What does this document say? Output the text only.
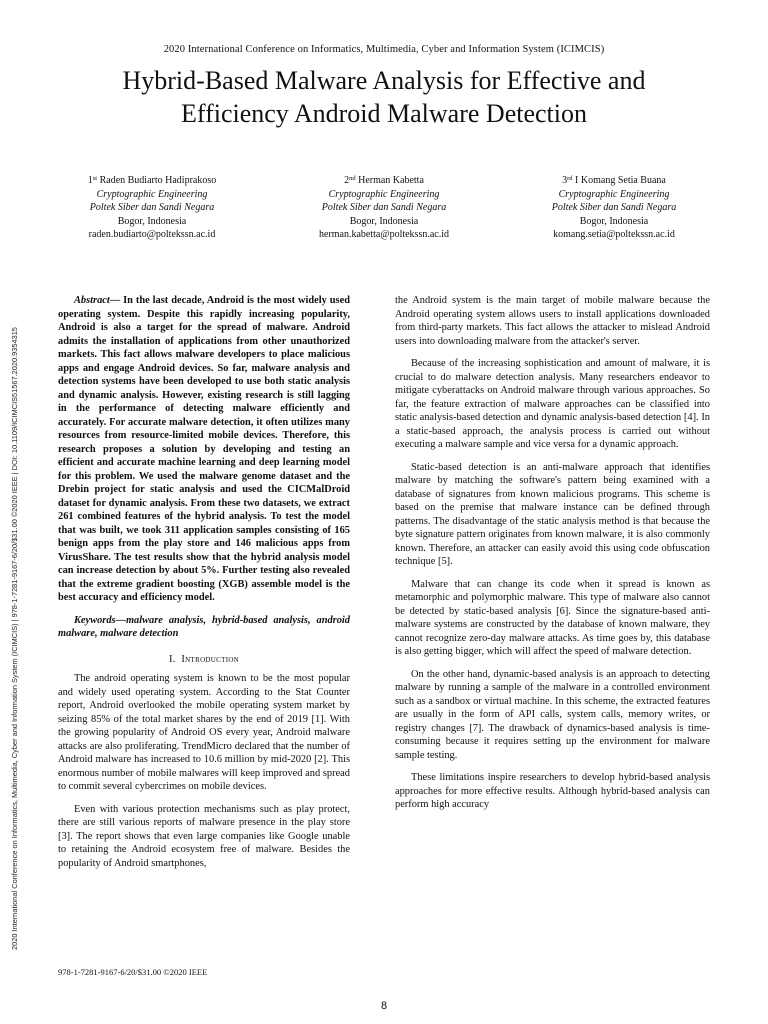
2020 International Conference on Informatics, Multimedia, Cyber and Information System (ICIMCIS)
Hybrid-Based Malware Analysis for Effective and
Efficiency Android Malware Detection
1st Raden Budiarto Hadiprakoso
Cryptographic Engineering
Poltek Siber dan Sandi Negara
Bogor, Indonesia
raden.budiarto@poltekssn.ac.id
2nd Herman Kabetta
Cryptographic Engineering
Poltek Siber dan Sandi Negara
Bogor, Indonesia
herman.kabetta@poltekssn.ac.id
3rd I Komang Setia Buana
Cryptographic Engineering
Poltek Siber dan Sandi Negara
Bogor, Indonesia
komang.setia@poltekssn.ac.id
2020 International Conference on Informatics, Multimedia, Cyber and Information System (ICIMCIS) | 978-1-7281-9167-6/20/$31.00 ©2020 IEEE | DOI: 10.1109/ICIMCIS51567.2020.9354315

Abstract— In the last decade, Android is the most widely used operating system. Despite this rapidly increasing popularity, Android is also a target for the spread of malware. Android admits the installation of applications from other unauthorized markets. This fact allows malware developers to place malicious apps and engage Android devices. So far, malware analysis and detection systems have been developed to use both static analysis and dynamic analysis. However, existing research is still lagging in the performance of detecting malware efficiently and accurately. For accurate malware detection, it often utilizes many resources from resource-limited mobile devices. Therefore, this research proposes a solution by developing and testing an efficient and accurate machine learning and deep learning model for this problem. We used the malware genome dataset and the Drebin project for static analysis and used the CICMalDroid dataset for dynamic analysis. From these two datasets, we extract 261 combined features of the hybrid analysis. To test the model that was built, we took 311 application samples consisting of 165 benign apps from the play store and 146 malicious apps from VirusShare. The test results show that the hybrid analysis model can increase detection by about 5%. Further testing also revealed that the extreme gradient boosting (XGB) assemble model is the best accuracy and efficiency model.

Keywords—malware analysis, hybrid-based analysis, android malware, malware detection

I. Introduction

The android operating system is known to be the most popular and widely used operating system. According to the Stat Counter report, Android overlooked the mobile operating system market by seizing 85% of the total market shares by the end of 2019 [1]. With the growing popularity of Android OS every year, Android malware attacks are also proliferating. TrendMicro declared that the number of Android malware has increased to 10.6 million by mid-2020 [2]. This enormous number of mobile malwares will keep improved and spread to commit several cybercrimes on mobile devices.

Even with various protection mechanisms such as play protect, there are still various reports of malware presence in the play store [3]. The report shows that even large companies like Google unable to retaining the Android ecosystem free of malware. Besides the popularity of Android smartphones,

the Android system is the main target of mobile malware because the Android operating system allows users to install applications downloaded from third-party markets. This fact allows the attacker to mislead Android users into downloading malware from the attacker's server.

Because of the increasing sophistication and amount of malware, it is crucial to do malware detection analysis. Many researchers endeavor to mitigate cyberattacks on Android malware through various approaches. So far, the feature extraction of malware approaches can be classified into static analysis-based detection and dynamic analysis-based detection [4]. In a static-based approach, the analysis process is carried out without executing a malware sample and vice versa for a dynamic approach.

Static-based detection is an anti-malware approach that identifies malware by matching the software's pattern being examined with a database of signatures from known malicious programs. This scheme is based on the premise that malware instance can be defined through patterns. The disadvantage of the static analysis method is that because the byte signature pattern originates from known malware, it is also commonly known. Therefore, an attacker can easily avoid this using code obfuscation technique [5].

Malware that can change its code when it spread is known as metamorphic and polymorphic malware. This type of malware also cannot be detected by static-based analysis [6]. Since the signature-based anti-malware systems are constructed by the database of known malware, they cannot recognize zero-day malware attacks. As time goes by, this database is also getting bigger, which will affect the speed of malware detection.

On the other hand, dynamic-based analysis is an approach to detecting malware by running a sample of the malware in a controlled environment such as a sandbox or virtual machine. In this scheme, the extracted features are usually in the form of API calls, system calls, memory writes, or registry changes [7]. The drawback of dynamics-based analysis is time-consuming because it requires setting up the environment for malware sample testing.

These limitations inspire researchers to develop hybrid-based analysis approaches for more effective results. Although hybrid-based analysis can perform high accuracy

978-1-7281-9167-6/20/$31.00 ©2020 IEEE
8
